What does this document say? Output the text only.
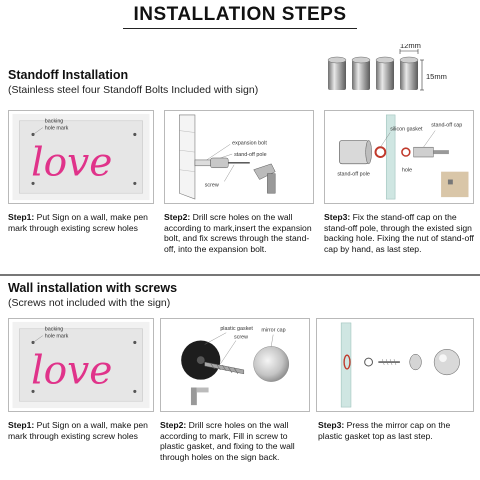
INSTALLATION STEPS
Standoff Installation
(Stainless steel four Standoff Bolts Included with sign)
12mm
15mm
backing
hole mark
love	expansion bolt
stand-off pole
screw
silicon gasket
stand-off cap
stand-off pole
hole
Step1: Put Sign on a wall, make pen mark through existing screw holes
Step2: Drill scre holes on the wall according to mark,insert the expansion bolt, and fix screws through the stand-off, into the expansion bolt.
Step3: Fix the stand-off cap on the stand-off pole, through the existed sign backing hole. Fixing the nut of stand-off cap by hand, as last step.
Wall installation with screws
(Screws not included with the sign)
backing
hole mark
love
plastic gasket
screw
mirror cap
Step1: Put Sign on a wall, make pen mark through existing screw holes
Step2: Drill scre holes on the wall according to mark, Fill in screw to plastic gasket, and fixing to the wall through holes on the sign back.
Step3: Press the mirror cap on the plastic gasket top as last step.
